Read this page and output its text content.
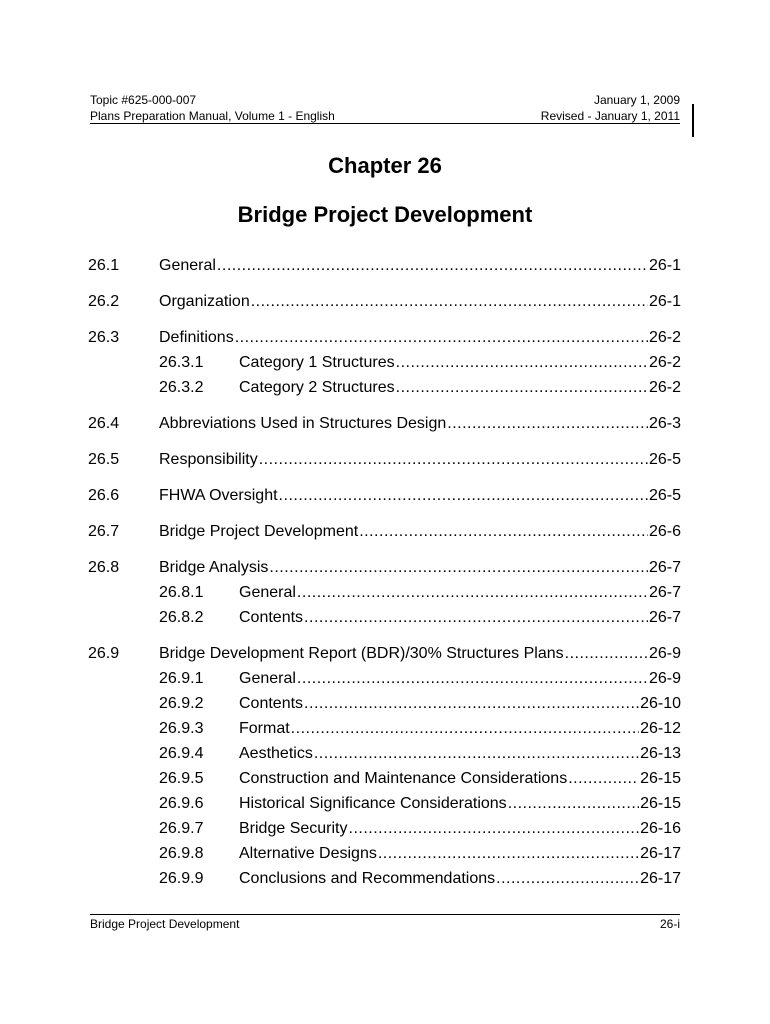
Topic #625-000-007	January 1, 2009
Plans Preparation Manual, Volume 1 - English	Revised - January 1, 2011
Chapter 26
Bridge Project Development
26.1	General .....	26-1
26.2	Organization .....	26-1
26.3	Definitions .....	26-2
26.3.1	Category 1 Structures .....	26-2
26.3.2	Category 2 Structures .....	26-2
26.4	Abbreviations Used in Structures Design .....	26-3
26.5	Responsibility .....	26-5
26.6	FHWA Oversight .....	26-5
26.7	Bridge Project Development .....	26-6
26.8	Bridge Analysis .....	26-7
26.8.1	General .....	26-7
26.8.2	Contents .....	26-7
26.9	Bridge Development Report (BDR)/30% Structures Plans .....	26-9
26.9.1	General .....	26-9
26.9.2	Contents .....	26-10
26.9.3	Format .....	26-12
26.9.4	Aesthetics .....	26-13
26.9.5	Construction and Maintenance Considerations .....	26-15
26.9.6	Historical Significance Considerations .....	26-15
26.9.7	Bridge Security .....	26-16
26.9.8	Alternative Designs .....	26-17
26.9.9	Conclusions and Recommendations .....	26-17
Bridge Project Development	26-i
